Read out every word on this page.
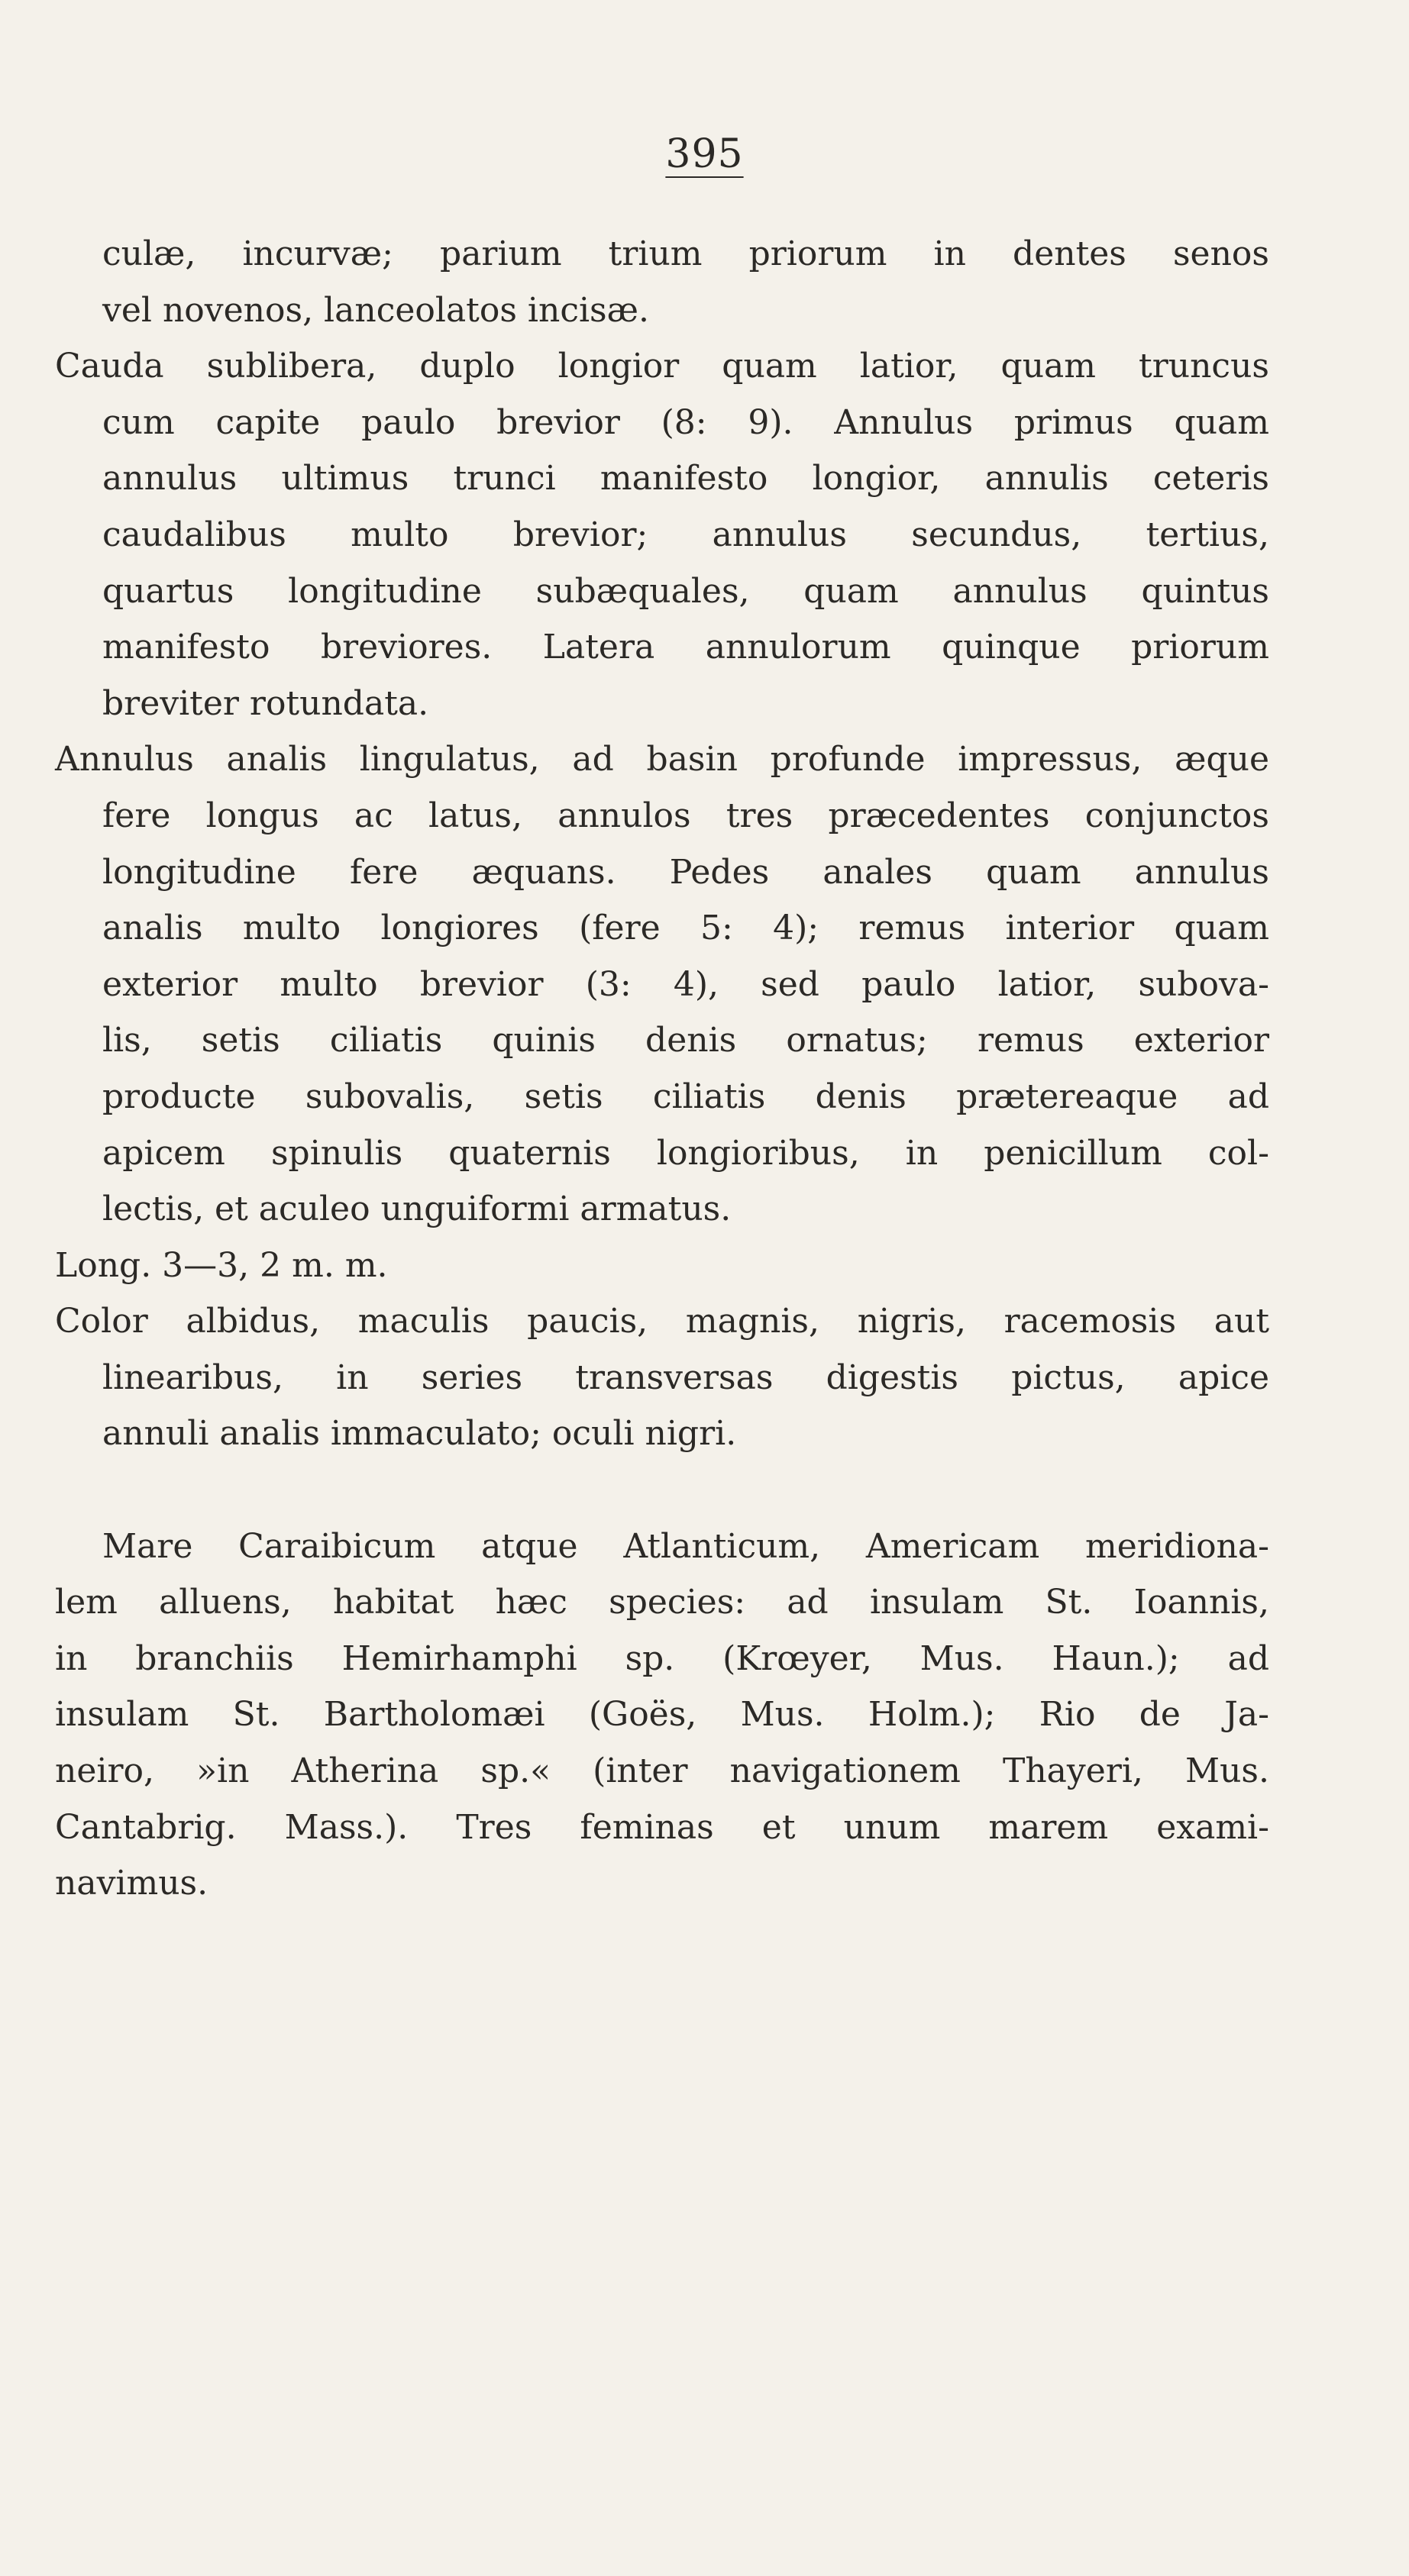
395
culæ, incurvæ; parium trium priorum in dentes senos
vel novenos, lanceolatos incisæ.
Cauda sublibera, duplo longior quam latior, quam truncus
cum capite paulo brevior (8: 9). Annulus primus quam
annulus ultimus trunci manifesto longior, annulis ceteris
caudalibus multo brevior; annulus secundus, tertius,
quartus longitudine subæquales, quam annulus quintus
manifesto breviores. Latera annulorum quinque priorum
breviter rotundata.
Annulus analis lingulatus, ad basin profunde impressus, æque
fere longus ac latus, annulos tres præcedentes conjunctos
longitudine fere æquans. Pedes anales quam annulus
analis multo longiores (fere 5: 4); remus interior quam
exterior multo brevior (3: 4), sed paulo latior, subova-
lis, setis ciliatis quinis denis ornatus; remus exterior
producte subovalis, setis ciliatis denis prætereaque ad
apicem spinulis quaternis longioribus, in penicillum col-
lectis, et aculeo unguiformi armatus.
Long. 3—3, 2 m. m.
Color albidus, maculis paucis, magnis, nigris, racemosis aut
linearibus, in series transversas digestis pictus, apice
annuli analis immaculato; oculi nigri.
Mare Caraibicum atque Atlanticum, Americam meridiona-
lem alluens, habitat hæc species: ad insulam St. Ioannis,
in branchiis Hemirhamphi sp. (Krœyer, Mus. Haun.); ad
insulam St. Bartholomæi (Goës, Mus. Holm.); Rio de Ja-
neiro, »in Atherina sp.« (inter navigationem Thayeri, Mus.
Cantabrig. Mass.). Tres feminas et unum marem exami-
navimus.
